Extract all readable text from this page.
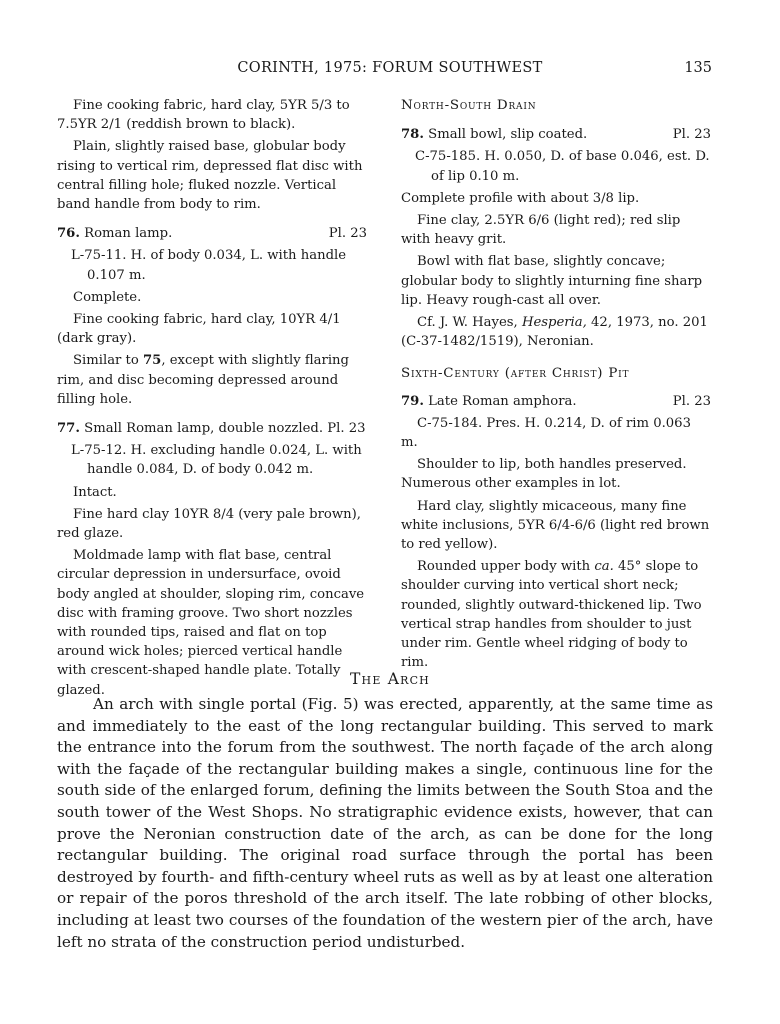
CORINTH, 1975: FORUM SOUTHWEST	135

Fine cooking fabric, hard clay, 5YR 5/3 to 7.5YR 2/1 (reddish brown to black).

Plain, slightly raised base, globular body rising to vertical rim, depressed flat disc with central filling hole; fluked nozzle. Vertical band handle from body to rim.

76. Roman lamp.	Pl. 23

L-75-11. H. of body 0.034, L. with handle 0.107 m.

Complete.

Fine cooking fabric, hard clay, 10YR 4/1 (dark gray).

Similar to 75, except with slightly flaring rim, and disc becoming depressed around filling hole.

77. Small Roman lamp, double nozzled. Pl. 23

L-75-12. H. excluding handle 0.024, L. with handle 0.084, D. of body 0.042 m.

Intact.

Fine hard clay 10YR 8/4 (very pale brown), red glaze.

Moldmade lamp with flat base, central circular depression in undersurface, ovoid body angled at shoulder, sloping rim, concave disc with framing groove. Two short nozzles with rounded tips, raised and flat on top around wick holes; pierced vertical handle with crescent-shaped handle plate. Totally glazed.

North-South Drain

78. Small bowl, slip coated.	Pl. 23

C-75-185. H. 0.050, D. of base 0.046, est. D. of lip 0.10 m.

Complete profile with about 3/8 lip.

Fine clay, 2.5YR 6/6 (light red); red slip with heavy grit.

Bowl with flat base, slightly concave; globular body to slightly inturning fine sharp lip. Heavy rough-cast all over.

Cf. J. W. Hayes, Hesperia, 42, 1973, no. 201 (C-37-1482/1519), Neronian.

Sixth-Century (after Christ) Pit

79. Late Roman amphora.	Pl. 23

C-75-184. Pres. H. 0.214, D. of rim 0.063 m.

Shoulder to lip, both handles preserved. Numerous other examples in lot.

Hard clay, slightly micaceous, many fine white inclusions, 5YR 6/4-6/6 (light red brown to red yellow).

Rounded upper body with ca. 45° slope to shoulder curving into vertical short neck; rounded, slightly outward-thickened lip. Two vertical strap handles from shoulder to just under rim. Gentle wheel ridging of body to rim.

The Arch

An arch with single portal (Fig. 5) was erected, apparently, at the same time as and immediately to the east of the long rectangular building. This served to mark the entrance into the forum from the southwest. The north façade of the arch along with the façade of the rectangular building makes a single, continuous line for the south side of the enlarged forum, defining the limits between the South Stoa and the south tower of the West Shops. No stratigraphic evidence exists, however, that can prove the Neronian construction date of the arch, as can be done for the long rectangular building. The original road surface through the portal has been destroyed by fourth- and fifth-century wheel ruts as well as by at least one alteration or repair of the poros threshold of the arch itself. The late robbing of other blocks, including at least two courses of the foundation of the western pier of the arch, have left no strata of the construction period undisturbed.
